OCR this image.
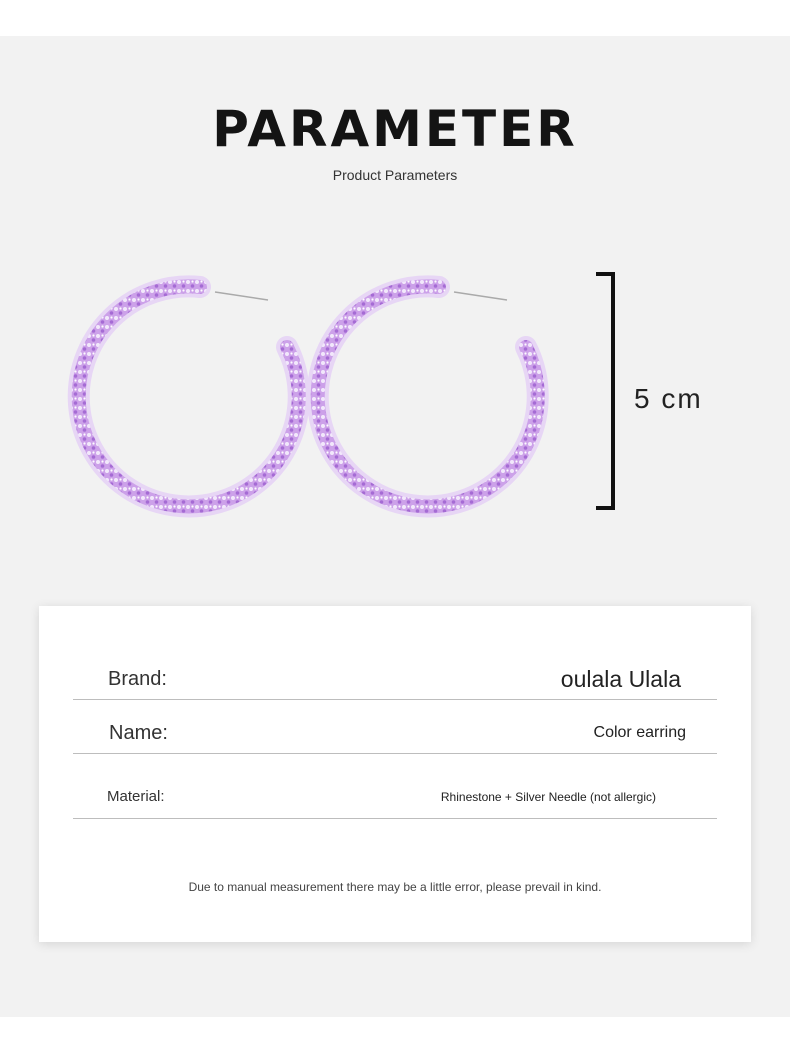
PARAMETER
Product Parameters
5 cm
Brand:	oulala Ulala
Name:	Color earring
Material:	Rhinestone + Silver Needle (not allergic)
Due to manual measurement there may be a little error, please prevail in kind.
